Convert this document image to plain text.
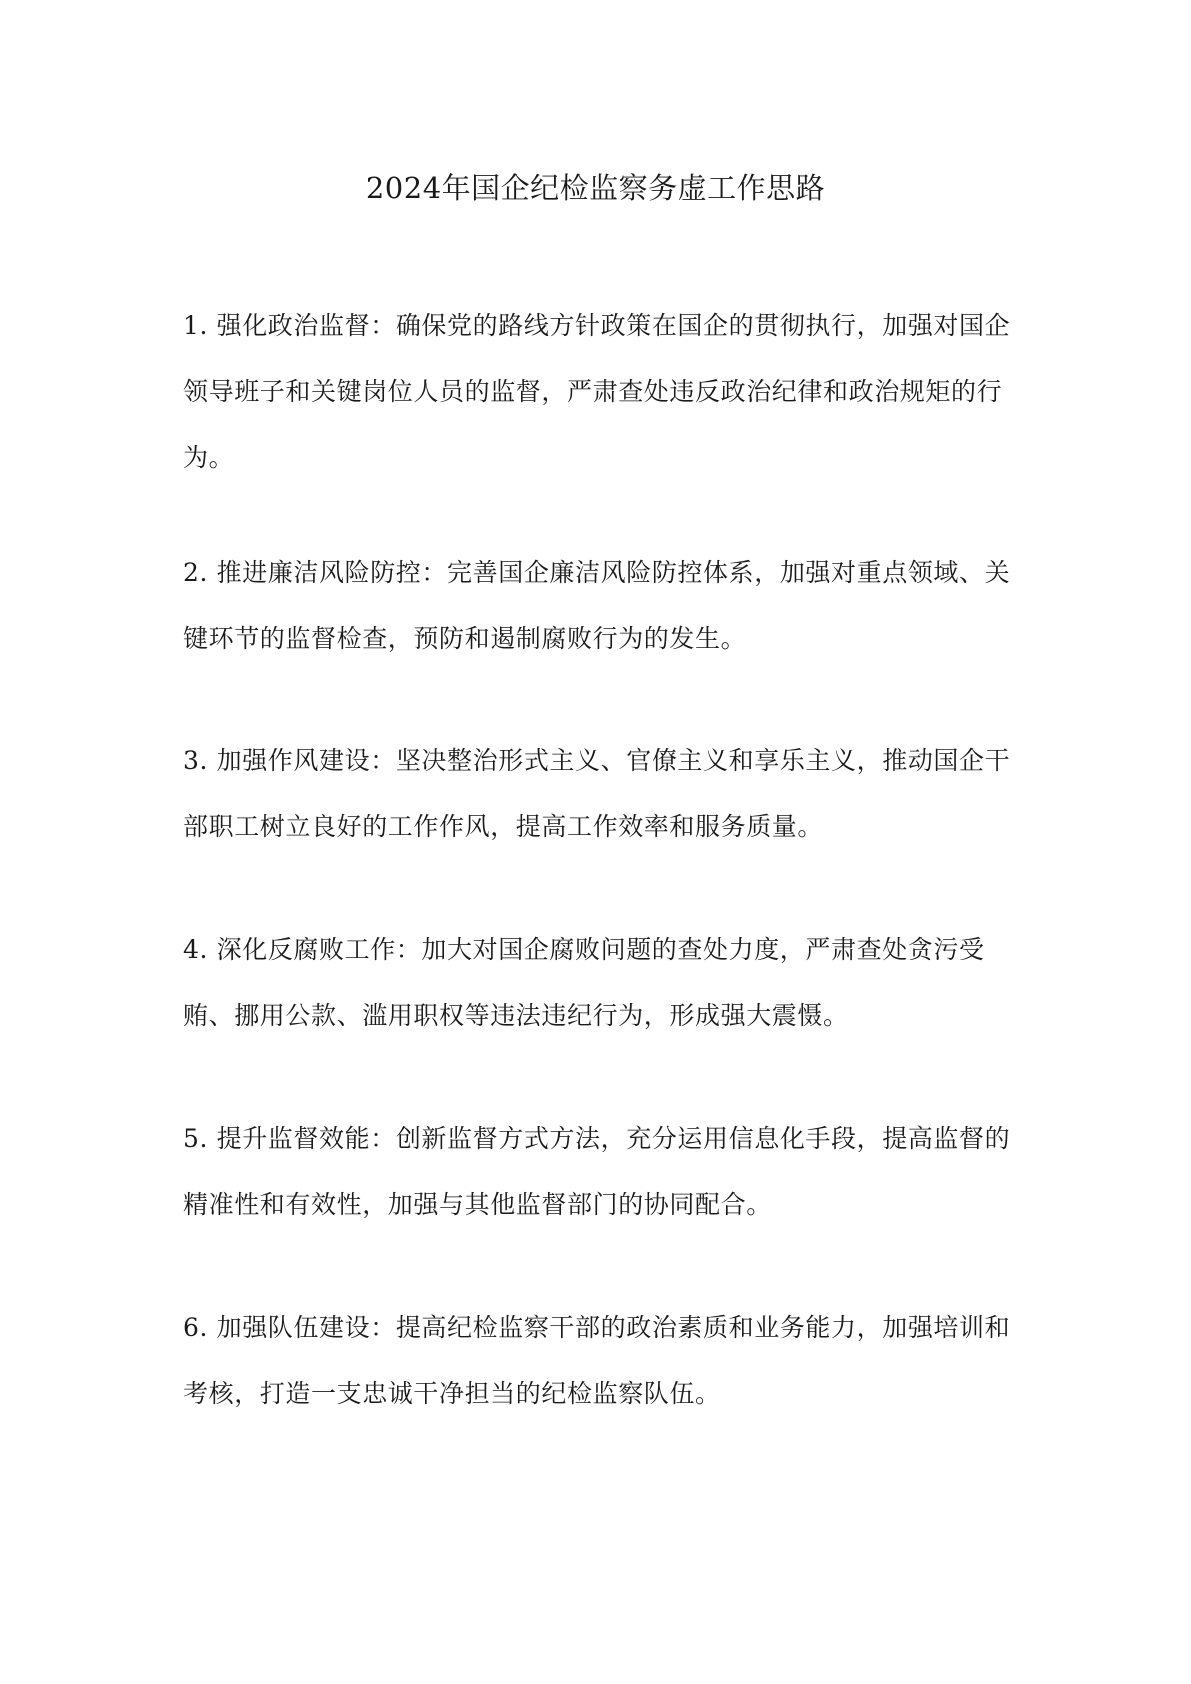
2024年国企纪检监察务虚工作思路

1. 强化政治监督：确保党的路线方针政策在国企的贯彻执行，加强对国企领导班子和关键岗位人员的监督，严肃查处违反政治纪律和政治规矩的行为。

2. 推进廉洁风险防控：完善国企廉洁风险防控体系，加强对重点领域、关键环节的监督检查，预防和遏制腐败行为的发生。

3. 加强作风建设：坚决整治形式主义、官僚主义和享乐主义，推动国企干部职工树立良好的工作作风，提高工作效率和服务质量。

4. 深化反腐败工作：加大对国企腐败问题的查处力度，严肃查处贪污受贿、挪用公款、滥用职权等违法违纪行为，形成强大震慑。

5. 提升监督效能：创新监督方式方法，充分运用信息化手段，提高监督的精准性和有效性，加强与其他监督部门的协同配合。

6. 加强队伍建设：提高纪检监察干部的政治素质和业务能力，加强培训和考核，打造一支忠诚干净担当的纪检监察队伍。
